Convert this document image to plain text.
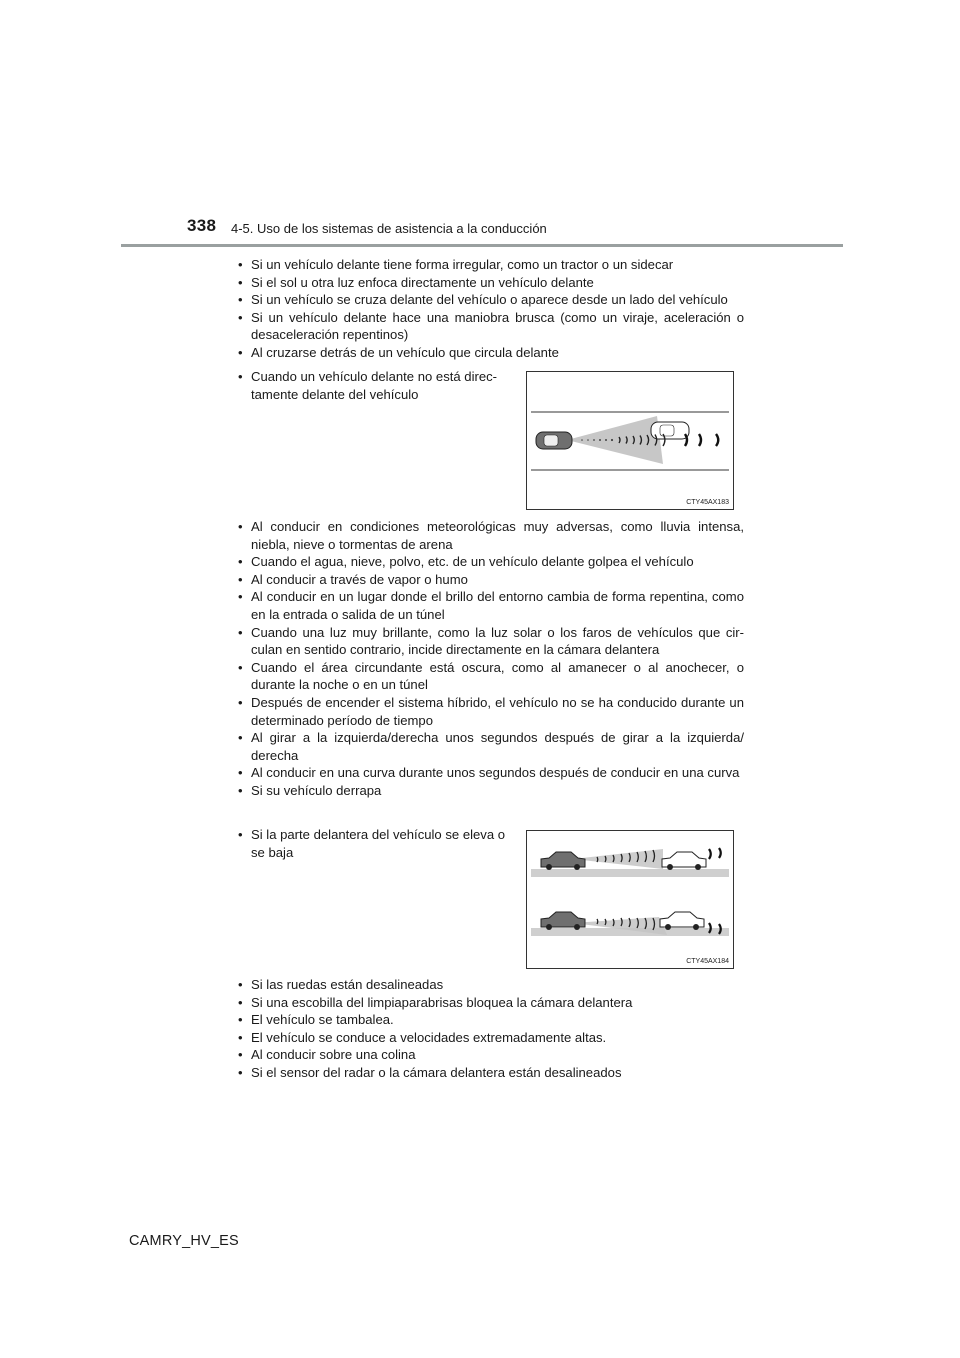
338 4-5. Uso de los sistemas de asistencia a la conducción
• Si un vehículo delante tiene forma irregular, como un tractor o un sidecar
• Si el sol u otra luz enfoca directamente un vehículo delante
• Si un vehículo se cruza delante del vehículo o aparece desde un lado del vehículo
• Si un vehículo delante hace una maniobra brusca (como un viraje, aceleración o desaceleración repentinos)
• Al cruzarse detrás de un vehículo que circula delante
• Cuando un vehículo delante no está direc-tamente delante del vehículo
CTY45AX183
• Al conducir en condiciones meteorológicas muy adversas, como lluvia intensa, niebla, nieve o tormentas de arena
• Cuando el agua, nieve, polvo, etc. de un vehículo delante golpea el vehículo
• Al conducir a través de vapor o humo
• Al conducir en un lugar donde el brillo del entorno cambia de forma repentina, como en la entrada o salida de un túnel
• Cuando una luz muy brillante, como la luz solar o los faros de vehículos que cir-culan en sentido contrario, incide directamente en la cámara delantera
• Cuando el área circundante está oscura, como al amanecer o al anochecer, o durante la noche o en un túnel
• Después de encender el sistema híbrido, el vehículo no se ha conducido durante un determinado período de tiempo
• Al girar a la izquierda/derecha unos segundos después de girar a la izquierda/ derecha
• Al conducir en una curva durante unos segundos después de conducir en una curva
• Si su vehículo derrapa
• Si la parte delantera del vehículo se eleva o se baja
CTY45AX184
• Si las ruedas están desalineadas
• Si una escobilla del limpiaparabrisas bloquea la cámara delantera
• El vehículo se tambalea.
• El vehículo se conduce a velocidades extremadamente altas.
• Al conducir sobre una colina
• Si el sensor del radar o la cámara delantera están desalineados
CAMRY_HV_ES
